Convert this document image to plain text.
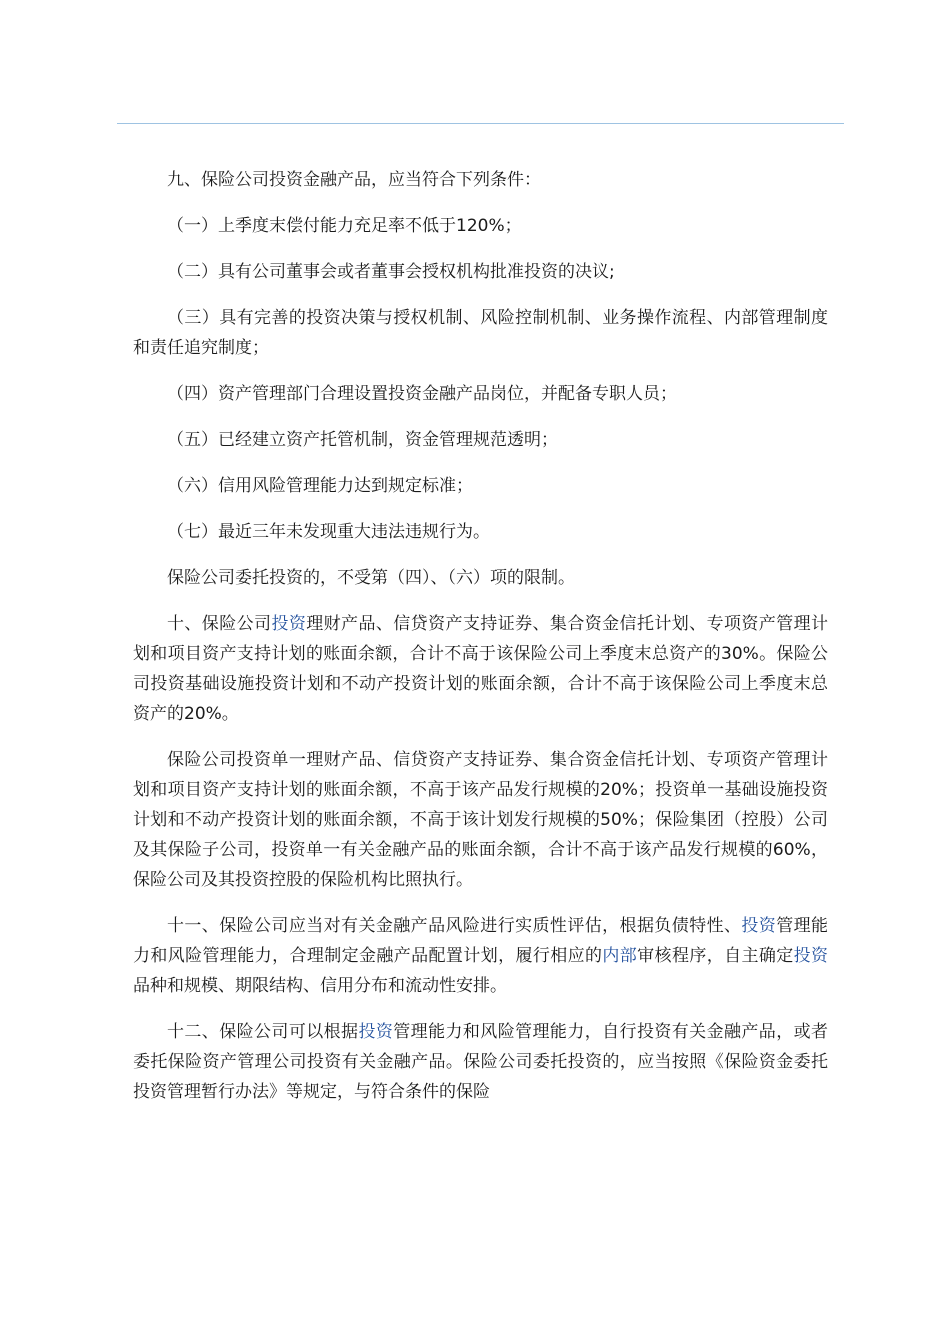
九、保险公司投资金融产品，应当符合下列条件：

（一）上季度末偿付能力充足率不低于120%；

（二）具有公司董事会或者董事会授权机构批准投资的决议;

（三）具有完善的投资决策与授权机制、风险控制机制、业务操作流程、内部管理制度和责任追究制度；

（四）资产管理部门合理设置投资金融产品岗位，并配备专职人员；

（五）已经建立资产托管机制，资金管理规范透明；

（六）信用风险管理能力达到规定标准；

（七）最近三年未发现重大违法违规行为。

保险公司委托投资的，不受第（四）、（六）项的限制。

十、保险公司投资理财产品、信贷资产支持证券、集合资金信托计划、专项资产管理计划和项目资产支持计划的账面余额，合计不高于该保险公司上季度末总资产的30%。保险公司投资基础设施投资计划和不动产投资计划的账面余额，合计不高于该保险公司上季度末总资产的20%。

保险公司投资单一理财产品、信贷资产支持证券、集合资金信托计划、专项资产管理计划和项目资产支持计划的账面余额，不高于该产品发行规模的20%；投资单一基础设施投资计划和不动产投资计划的账面余额，不高于该计划发行规模的50%；保险集团（控股）公司及其保险子公司，投资单一有关金融产品的账面余额，合计不高于该产品发行规模的60%，保险公司及其投资控股的保险机构比照执行。

十一、保险公司应当对有关金融产品风险进行实质性评估，根据负债特性、投资管理能力和风险管理能力，合理制定金融产品配置计划，履行相应的内部审核程序，自主确定投资品种和规模、期限结构、信用分布和流动性安排。

十二、保险公司可以根据投资管理能力和风险管理能力，自行投资有关金融产品，或者委托保险资产管理公司投资有关金融产品。保险公司委托投资的，应当按照《保险资金委托投资管理暂行办法》等规定，与符合条件的保险
